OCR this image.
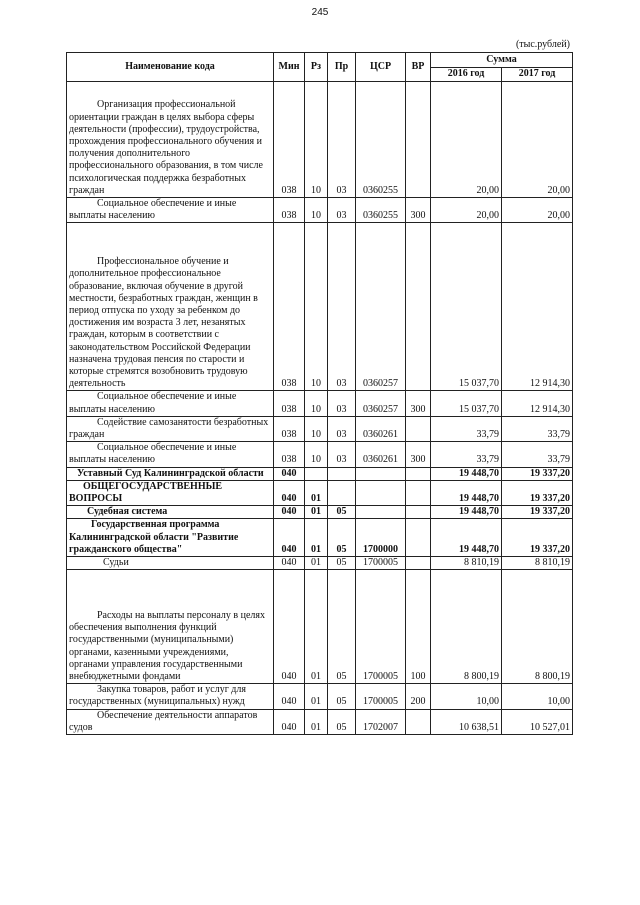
245
(тыс.рублей)
Наименование кода	Мин	Рз	Пр	ЦСР	ВР	Сумма	
						2016 год	2017 год

Организация профессиональной ориентации граждан в целях выбора сферы деятельности (профессии), трудоустройства, прохождения профессионального обучения и получения дополнительного профессионального образования, в том числе психологическая поддержка безработных граждан	038	10	03	0360255		20,00	20,00
Социальное обеспечение и иные выплаты населению	038	10	03	0360255	300	20,00	20,00
Профессиональное обучение и дополнительное профессиональное образование, включая обучение в другой местности, безработных граждан, женщин в период отпуска по уходу за ребенком до достижения им возраста 3 лет, незанятых граждан, которым в соответствии с законодательством Российской Федерации назначена трудовая пенсия по старости и которые стремятся возобновить трудовую деятельность	038	10	03	0360257		15 037,70	12 914,30
Социальное обеспечение и иные выплаты населению	038	10	03	0360257	300	15 037,70	12 914,30
Содействие самозанятости безработных граждан	038	10	03	0360261		33,79	33,79
Социальное обеспечение и иные выплаты населению	038	10	03	0360261	300	33,79	33,79
Уставный Суд Калининградской области	040					19 448,70	19 337,20
ОБЩЕГОСУДАРСТВЕННЫЕ ВОПРОСЫ	040	01				19 448,70	19 337,20
Судебная система	040	01	05			19 448,70	19 337,20
Государственная программа Калининградской области "Развитие гражданского общества"	040	01	05	1700000		19 448,70	19 337,20
Судьи	040	01	05	1700005		8 810,19	8 810,19
Расходы на выплаты персоналу в целях обеспечения выполнения функций государственными (муниципальными) органами, казенными учреждениями, органами управления государственными внебюджетными фондами	040	01	05	1700005	100	8 800,19	8 800,19
Закупка товаров, работ и услуг для государственных (муниципальных) нужд	040	01	05	1700005	200	10,00	10,00
Обеспечение деятельности аппаратов судов	040	01	05	1702007		10 638,51	10 527,01
